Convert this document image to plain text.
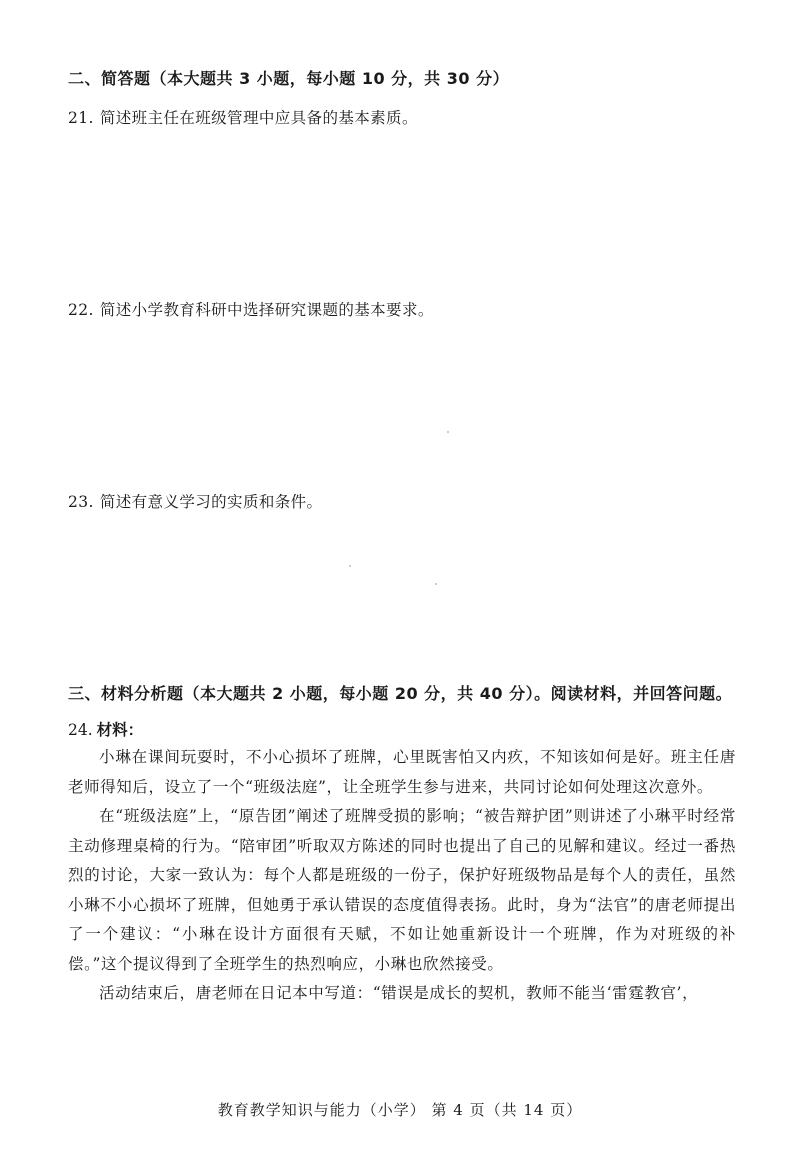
二、简答题（本大题共 3 小题，每小题 10 分，共 30 分）
21. 简述班主任在班级管理中应具备的基本素质。
22. 简述小学教育科研中选择研究课题的基本要求。
23. 简述有意义学习的实质和条件。
三、材料分析题（本大题共 2 小题，每小题 20 分，共 40 分）。阅读材料，并回答问题。
24. 材料：

小琳在课间玩耍时，不小心损坏了班牌，心里既害怕又内疚，不知该如何是好。班主任唐老师得知后，设立了一个“班级法庭”，让全班学生参与进来，共同讨论如何处理这次意外。

在“班级法庭”上，“原告团”阐述了班牌受损的影响；“被告辩护团”则讲述了小琳平时经常主动修理桌椅的行为。“陪审团”听取双方陈述的同时也提出了自己的见解和建议。经过一番热烈的讨论，大家一致认为：每个人都是班级的一份子，保护好班级物品是每个人的责任，虽然小琳不小心损坏了班牌，但她勇于承认错误的态度值得表扬。此时，身为“法官”的唐老师提出了一个建议：“小琳在设计方面很有天赋，不如让她重新设计一个班牌，作为对班级的补偿。”这个提议得到了全班学生的热烈响应，小琳也欣然接受。

活动结束后，唐老师在日记本中写道：“错误是成长的契机，教师不能当‘雷霆教官’，

教育教学知识与能力（小学） 第 4 页（共 14 页）
